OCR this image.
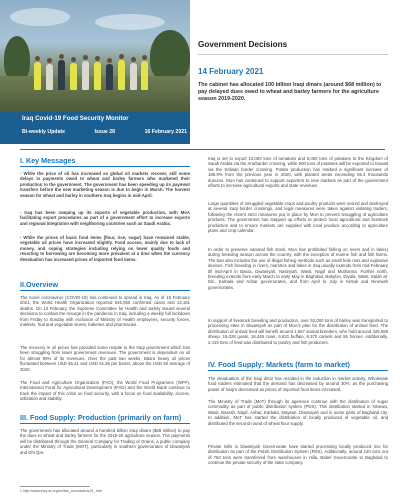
Iraq Covid-19 Food Security Monitor
Bi-weekly Update	Issue 28	16 February 2021
Government Decisions
14 February 2021
The cabinet has allocated 100 billion Iraqi dinars (around $68 million) to pay delayed dues owed to wheat and barley farmers for the agriculture season 2019-2020.
I. Key Messages
- While the price of oil has increased as global oil markets recover, still some delays in payments owed to wheat and barley farmers who marketed their production to the government. The government has been speeding up its payment transfers before the new marketing season is due to begin in March. The harvest season for wheat and barley in southern Iraq begins in mid-April.
- Iraq has been ramping up its exports of vegetable production, with MoA facilitating export procedures as part of a government effort to increase exports and regional integration with neighboring countries such as Saudi Arabia.
- While the prices of basic food items (flour, rice, sugar) have remained stable, vegetable oil prices have increased slightly. Food access, mainly due to lack of money, and coping strategies including relying on lower quality foods and resorting to borrowing are becoming more prevalent at a time when the currency devaluation has increased prices of imported food items.
II.Overview
The novel coronavirus (COVID-19) has continued to spread in Iraq. As of 15 February 2021, the World Health Organization reported 646,050 confirmed cases and 13,181 deaths. On 13 February, the Supreme Committee for Health and Safety issued several decisions to contain the resurge in the pandemic in Iraq, including a weekly full lockdown from Friday to Sunday with exclusion of Ministry of Health employees, security forces, markets, fruit and vegetable stores, bakeries and pharmacies.
The recovery in oil prices has provided some respite to the Iraqi government which has been struggling from lower government revenues. The government is dependent on oil for almost 90% of its revenues. Over the past two weeks, Basra heavy oil prices fluctuated between USD 55.31 and USD 61.26 per barrel, above the USD 50 average of 2020.
The Food and Agriculture Organization (FAO), the World Food Programme (WFP), International Fund for Agricultural Development (IFAD) and the World Bank continue to track the impact of this crisis on food security, with a focus on food availability, access, utilization and stability.
III. Food Supply: Production (primarily on farm)
The government has allocated around a hundred billion Iraqi dinars ($68 million) to pay the dues to wheat and barley farmers for the 2019-20 agriculture season. The payments will be distributed through the General Company for Trading of Grains, a public company under the Ministry of Trade (MOT), particularly in southern governorates of Diwaniyah and Dhi Qar.
1 http://www.iraq.un.org/en/fao_coronavirus19_.htm
Iraq is set to export 10,000 tons of tomatoes and 5,000 tons of potatoes to the Kingdom of Saudi Arabia via the Ararbarder crossing, while 500 tons of potatoes will be exported to Kuwait via the Safwan border crossing. Potato production has marked a significant increase of 186.9% from the previous year in 2020, with planted areas exceeding 55.4 thousands dunums. MoA has continued to support exporters to new markets as part of the government efforts to increase agricultural exports and state revenues.
Large quantities of smuggled vegetable crops and poultry products were seized and destroyed at several Iraqi border crossings, and legal measures were taken against violating traders, following the recent strict measures put in place by MoA to prevent smuggling of agriculture products. The government has stepped up efforts to protect local agricultural and livestock production and to ensure markets are supplied with local produce according to agriculture plans and crop calendar.
In order to preserve national fish stock, MoA has prohibited fishing on rivers and in lakes) during breeding season across the country, with the exception of marine fish and fish farms. The ban also includes the use of illegal fishing methods such as small hole nets and explosive devices. Fish breeding in rivers, marshes and lakes in Iraq usually extends from mid-February till mid-April in Basra, Diwaniyah, Nasiriyah, Wasit, Najaf and Muthanna. Further north, breeding extends from early March to early May in Baghdad, Babylon, Diyala, Wasit, Salah al-Din, Karbala and Anbar governorates, and from April to July in Kirkuk and Ninewah governorates.
In support of livestock breeding and production, over 52,000 tons of barley was transported to processing sites in Diwaniyah as part of MoA's plan for the distribution of animal feed. The distribution of animal feed will benefit around 1,657 animal breeders, who hold around 425,688 sheep, 19,028 goats, 18,446 cows, 6,621 buffalo, 8,370 camels and 55 horses. Additionally, 2,419 tons of feed was distributed to poultry and fish producers.
IV. Food Supply: Markets (farm to market)
The devaluation of the Iraqi dinar has resulted in the reduction in market activity. Wholesale food traders estimated that the demand has decreased by around 30%, as the purchasing power of Iraqi's decreased as prices of imported food items increased.
The Ministry of Trade (MoT) through its agencies continue with the distribution of sugar commodity as part of public distribution system (PDS). This distribution started in Ninewa, Wasit, Basrah, Najaf, Anbar, Karbala, Maysan, Diwaniyah and in some parts of Baghdad city. In addition, MoT has started the distribution of locally produced of vegetable oil, and distributed the second round of wheat flour supply.
Private mills in Diwaniyah Governorate have started processing locally produced rice for distribution as part of the Public Distribution System (PDS). Additionally, around 120 tons out of 750 tons were transferred from warehouses in Hilla, Babel Governorate to Baghdad to continue the private security of the state company.
